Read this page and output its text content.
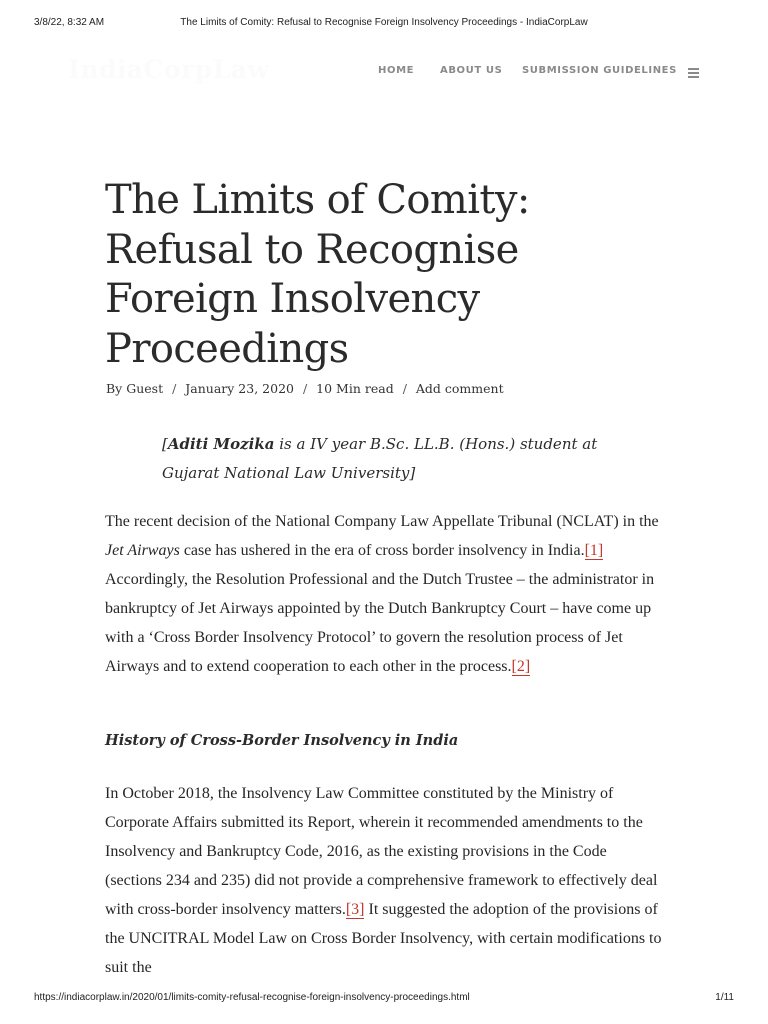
3/8/22, 8:32 AM	The Limits of Comity: Refusal to Recognise Foreign Insolvency Proceedings - IndiaCorpLaw
IndiaCorpLaw	HOME	ABOUT US SUBMISSION GUIDELINES
The Limits of Comity: Refusal to Recognise Foreign Insolvency Proceedings
By Guest / January 23, 2020 / 10 Min read / Add comment

[Aditi Mozika is a IV year B.Sc. LL.B. (Hons.) student at Gujarat National Law University]

The recent decision of the National Company Law Appellate Tribunal (NCLAT) in the Jet Airways case has ushered in the era of cross border insolvency in India.[1] Accordingly, the Resolution Professional and the Dutch Trustee – the administrator in bankruptcy of Jet Airways appointed by the Dutch Bankruptcy Court – have come up with a ‘Cross Border Insolvency Protocol’ to govern the resolution process of Jet Airways and to extend cooperation to each other in the process.[2]

History of Cross-Border Insolvency in India

In October 2018, the Insolvency Law Committee constituted by the Ministry of Corporate Affairs submitted its Report, wherein it recommended amendments to the Insolvency and Bankruptcy Code, 2016, as the existing provisions in the Code (sections 234 and 235) did not provide a comprehensive framework to effectively deal with cross-border insolvency matters.[3] It suggested the adoption of the provisions of the UNCITRAL Model Law on Cross Border Insolvency, with certain modifications to suit the

https://indiacorplaw.in/2020/01/limits-comity-refusal-recognise-foreign-insolvency-proceedings.html	1/11
